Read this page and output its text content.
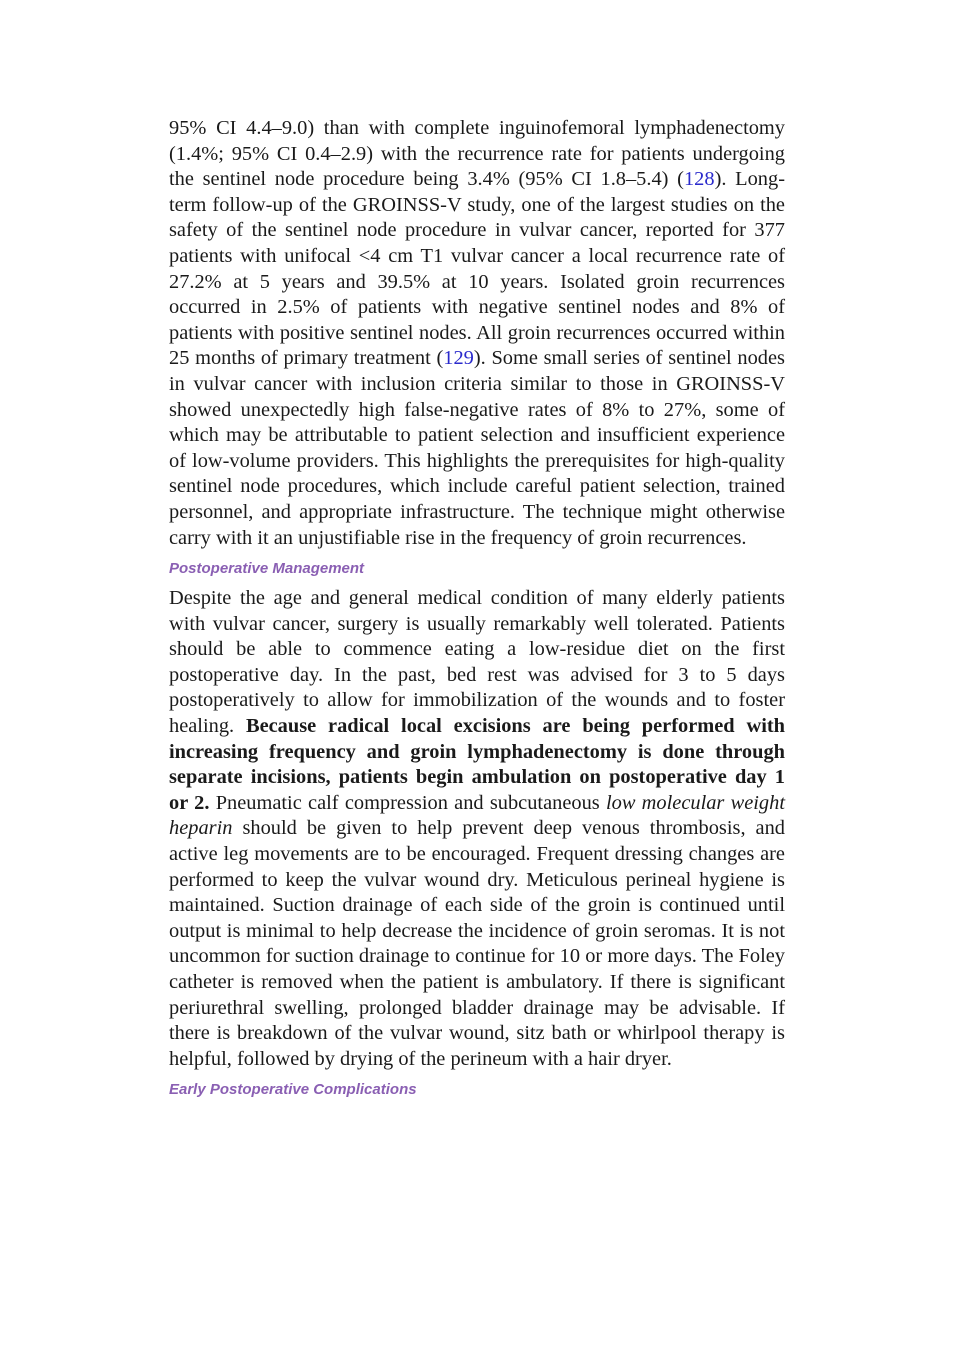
95% CI 4.4–9.0) than with complete inguinofemoral lymphadenectomy (1.4%; 95% CI 0.4–2.9) with the recurrence rate for patients undergoing the sentinel node procedure being 3.4% (95% CI 1.8–5.4) (128). Long-term follow-up of the GROINSS-V study, one of the largest studies on the safety of the sentinel node procedure in vulvar cancer, reported for 377 patients with unifocal <4 cm T1 vulvar cancer a local recurrence rate of 27.2% at 5 years and 39.5% at 10 years. Isolated groin recurrences occurred in 2.5% of patients with negative sentinel nodes and 8% of patients with positive sentinel nodes. All groin recurrences occurred within 25 months of primary treatment (129). Some small series of sentinel nodes in vulvar cancer with inclusion criteria similar to those in GROINSS-V showed unexpectedly high false-negative rates of 8% to 27%, some of which may be attributable to patient selection and insufficient experience of low-volume providers. This highlights the prerequisites for high-quality sentinel node procedures, which include careful patient selection, trained personnel, and appropriate infrastructure. The technique might otherwise carry with it an unjustifiable rise in the frequency of groin recurrences.

Postoperative Management

Despite the age and general medical condition of many elderly patients with vulvar cancer, surgery is usually remarkably well tolerated. Patients should be able to commence eating a low-residue diet on the first postoperative day. In the past, bed rest was advised for 3 to 5 days postoperatively to allow for immobilization of the wounds and to foster healing. Because radical local excisions are being performed with increasing frequency and groin lymphadenectomy is done through separate incisions, patients begin ambulation on postoperative day 1 or 2. Pneumatic calf compression and subcutaneous low molecular weight heparin should be given to help prevent deep venous thrombosis, and active leg movements are to be encouraged. Frequent dressing changes are performed to keep the vulvar wound dry. Meticulous perineal hygiene is maintained. Suction drainage of each side of the groin is continued until output is minimal to help decrease the incidence of groin seromas. It is not uncommon for suction drainage to continue for 10 or more days. The Foley catheter is removed when the patient is ambulatory. If there is significant periurethral swelling, prolonged bladder drainage may be advisable. If there is breakdown of the vulvar wound, sitz bath or whirlpool therapy is helpful, followed by drying of the perineum with a hair dryer.

Early Postoperative Complications
